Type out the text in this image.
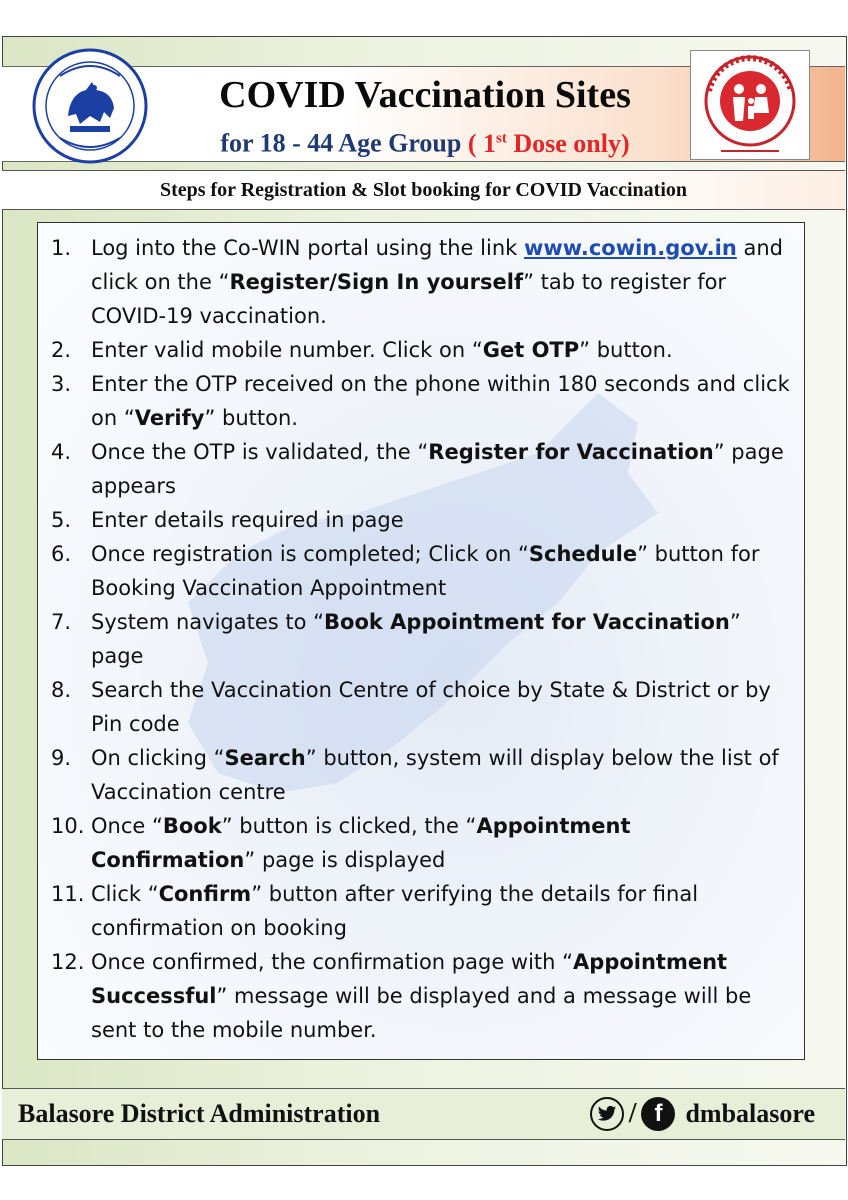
COVID Vaccination Sites
for 18 - 44 Age Group ( 1st Dose only)
Steps for Registration & Slot booking for COVID Vaccination
1. Log into the Co-WIN portal using the link www.cowin.gov.in and click on the “Register/Sign In yourself” tab to register for COVID-19 vaccination.
2. Enter valid mobile number. Click on “Get OTP” button.
3. Enter the OTP received on the phone within 180 seconds and click on “Verify” button.
4. Once the OTP is validated, the “Register for Vaccination” page appears
5. Enter details required in page
6. Once registration is completed; Click on “Schedule” button for Booking Vaccination Appointment
7. System navigates to “Book Appointment for Vaccination” page
8. Search the Vaccination Centre of choice by State & District or by Pin code
9. On clicking “Search” button, system will display below the list of Vaccination centre
10. Once “Book” button is clicked, the “Appointment Confirmation” page is displayed
11. Click “Confirm” button after verifying the details for final confirmation on booking
12. Once confirmed, the confirmation page with “Appointment Successful” message will be displayed and a message will be sent to the mobile number.
Balasore District Administration	/ f dmbalasore
